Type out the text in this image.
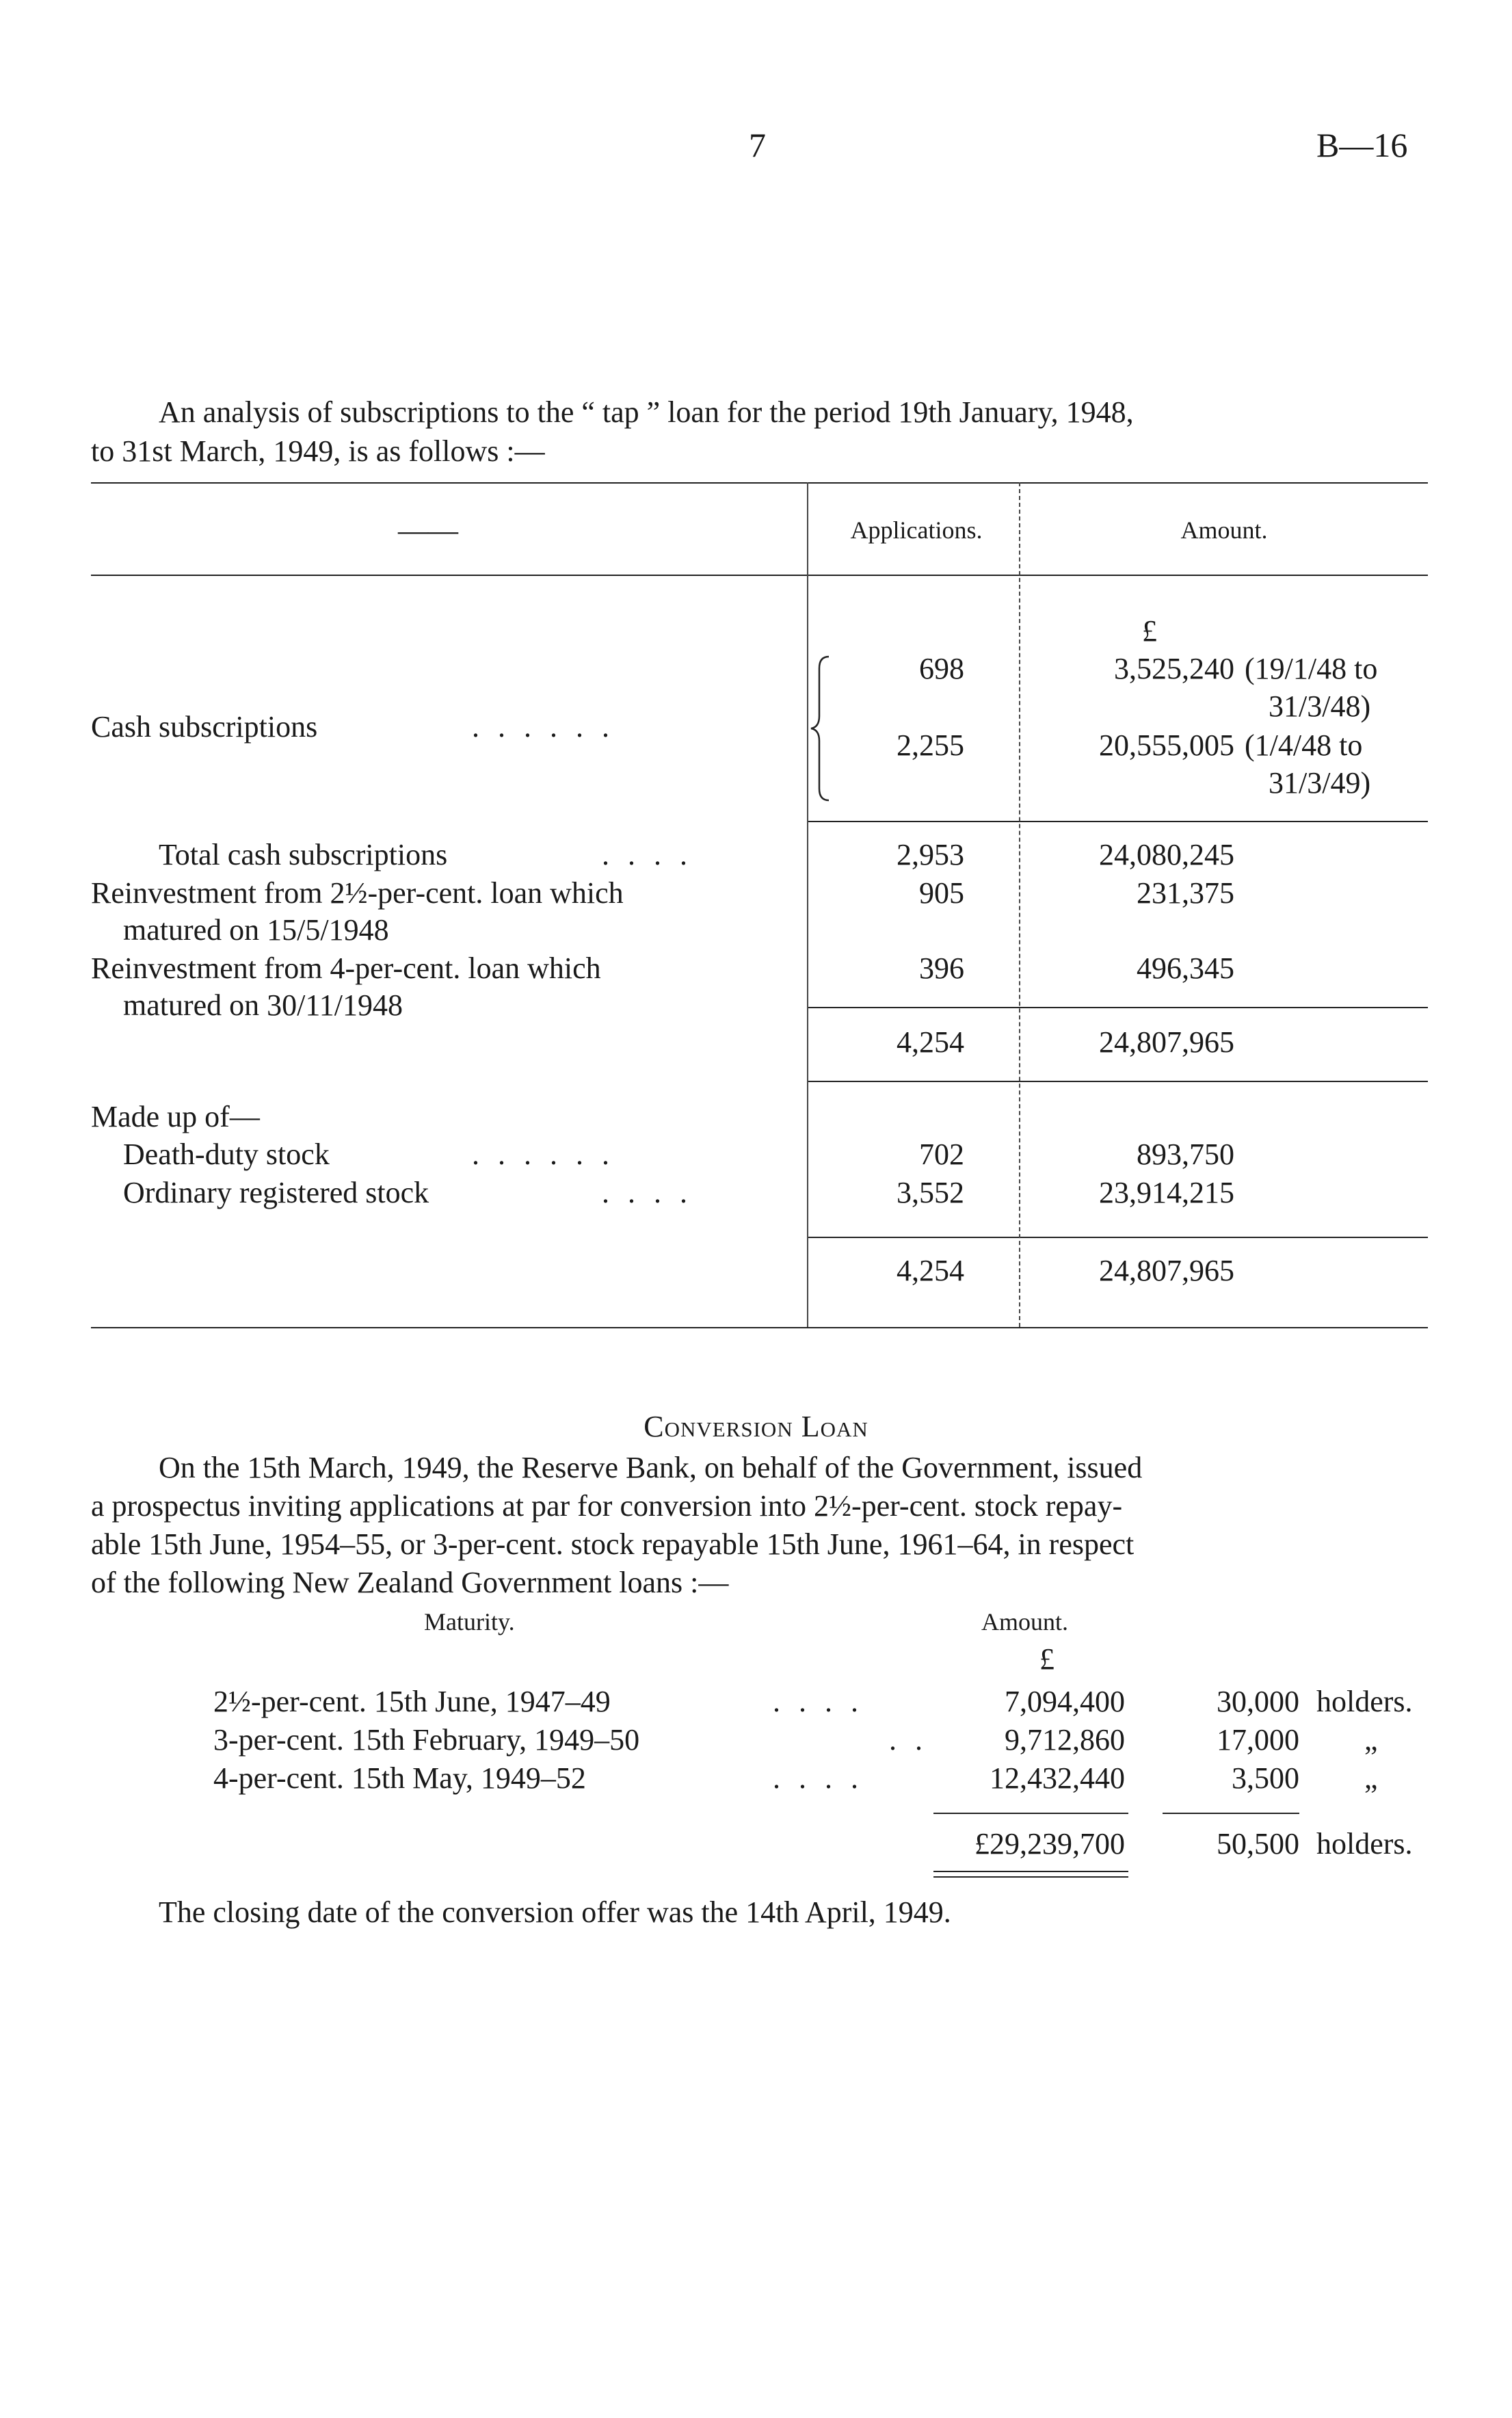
7	B—16
An analysis of subscriptions to the “ tap ” loan for the period 19th January, 1948,
to 31st March, 1949, is as follows :—
——	Applications.	Amount.
£
Cash subscriptions	. . . . . .
698	3,525,240 (19/1/48 to
31/3/48)
2,255	20,555,005 (1/4/48 to
31/3/49)
Total cash subscriptions	. . . .	2,953	24,080,245
Reinvestment from 2½-per-cent. loan which
matured on 15/5/1948
905	231,375
Reinvestment from 4-per-cent. loan which
matured on 30/11/1948
396	496,345
4,254	24,807,965
Made up of—
Death-duty stock	. . . . . .	702	893,750
Ordinary registered stock	. . . .	3,552	23,914,215
4,254	24,807,965
Conversion Loan
On the 15th March, 1949, the Reserve Bank, on behalf of the Government, issued
a prospectus inviting applications at par for conversion into 2½-per-cent. stock repay-
able 15th June, 1954–55, or 3-per-cent. stock repayable 15th June, 1961–64, in respect
of the following New Zealand Government loans :—
Maturity.	Amount.
£
2½-per-cent. 15th June, 1947–49	. . . .	7,094,400	30,000 holders.
3-per-cent. 15th February, 1949–50	. .	9,712,860	17,000 „
4-per-cent. 15th May, 1949–52	. . . .	12,432,440	3,500 „
£29,239,700	50,500 holders.
The closing date of the conversion offer was the 14th April, 1949.
